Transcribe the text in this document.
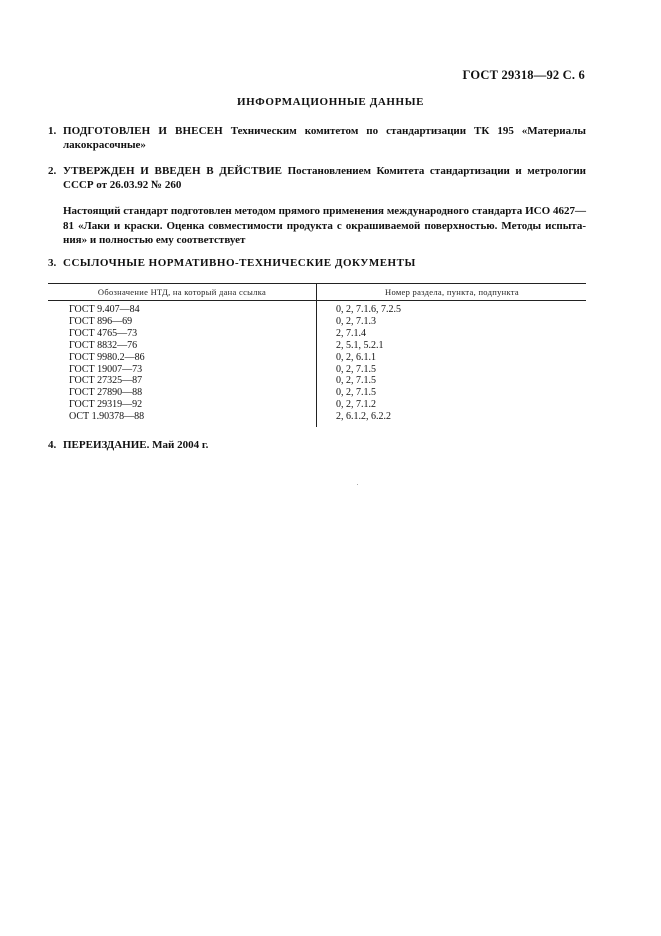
ГОСТ 29318—92 С. 6
ИНФОРМАЦИОННЫЕ ДАННЫЕ
1. ПОДГОТОВЛЕН И ВНЕСЕН Техническим комитетом по стандартизации ТК 195 «Материалы лакокрасочные»
2. УТВЕРЖДЕН И ВВЕДЕН В ДЕЙСТВИЕ Постановлением Комитета стандартизации и метрологии СССР от 26.03.92 № 260
Настоящий стандарт подготовлен методом прямого применения международного стандарта ИСО 4627—81 «Лаки и краски. Оценка совместимости продукта с окрашиваемой поверхностью. Методы испыта-ния» и полностью ему соответствует
3. ССЫЛОЧНЫЕ НОРМАТИВНО-ТЕХНИЧЕСКИЕ ДОКУМЕНТЫ
Обозначение НТД, на который дана ссылка	Номер раздела, пункта, подпункта
ГОСТ 9.407—84
ГОСТ 896—69
ГОСТ 4765—73
ГОСТ 8832—76
ГОСТ 9980.2—86
ГОСТ 19007—73
ГОСТ 27325—87
ГОСТ 27890—88
ГОСТ 29319—92
ОСТ 1.90378—88
0, 2, 7.1.6, 7.2.5
0, 2, 7.1.3
2, 7.1.4
2, 5.1, 5.2.1
0, 2, 6.1.1
0, 2, 7.1.5
0, 2, 7.1.5
0, 2, 7.1.5
0, 2, 7.1.2
2, 6.1.2, 6.2.2
4. ПЕРЕИЗДАНИЕ. Май 2004 г.
